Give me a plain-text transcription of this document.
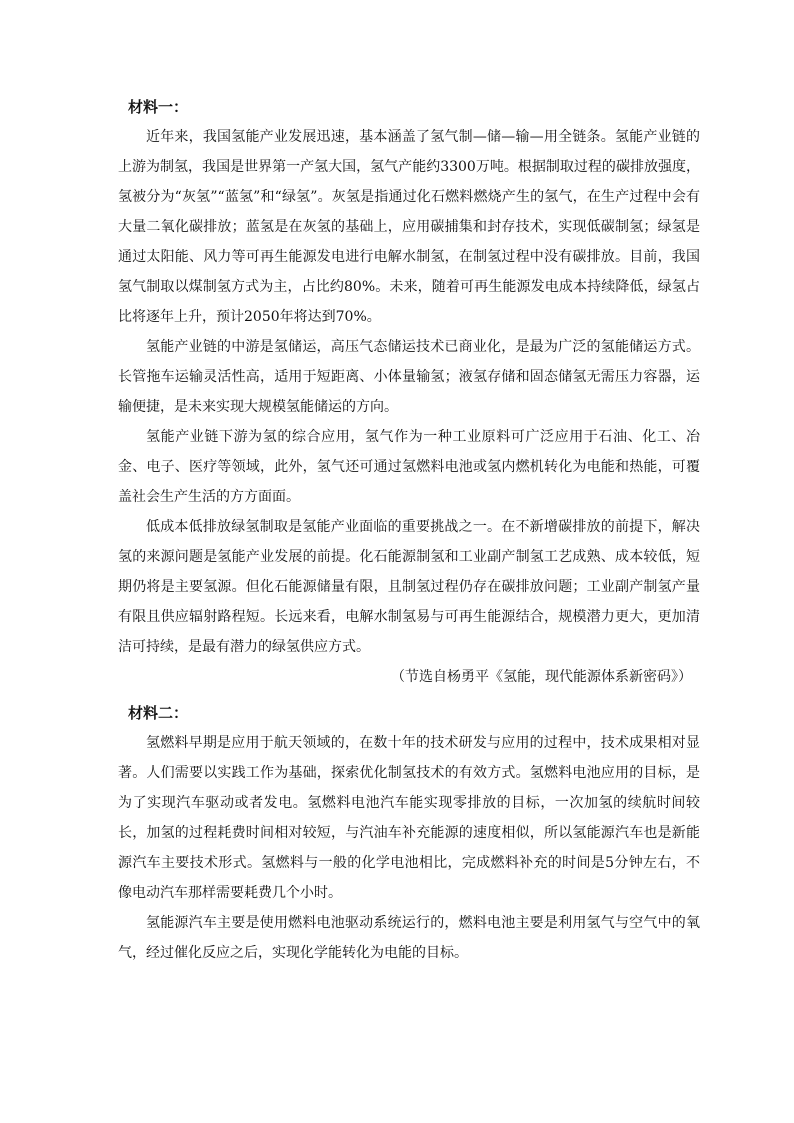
材料一：

近年来，我国氢能产业发展迅速，基本涵盖了氢气制—储—输—用全链条。氢能产业链的上游为制氢，我国是世界第一产氢大国，氢气产能约3300万吨。根据制取过程的碳排放强度，氢被分为“灰氢”“蓝氢”和“绿氢”。灰氢是指通过化石燃料燃烧产生的氢气，在生产过程中会有大量二氧化碳排放；蓝氢是在灰氢的基础上，应用碳捕集和封存技术，实现低碳制氢；绿氢是通过太阳能、风力等可再生能源发电进行电解水制氢，在制氢过程中没有碳排放。目前，我国氢气制取以煤制氢方式为主，占比约80%。未来，随着可再生能源发电成本持续降低，绿氢占比将逐年上升，预计2050年将达到70%。

氢能产业链的中游是氢储运，高压气态储运技术已商业化，是最为广泛的氢能储运方式。长管拖车运输灵活性高，适用于短距离、小体量输氢；液氢存储和固态储氢无需压力容器，运输便捷，是未来实现大规模氢能储运的方向。

氢能产业链下游为氢的综合应用，氢气作为一种工业原料可广泛应用于石油、化工、冶金、电子、医疗等领域，此外，氢气还可通过氢燃料电池或氢内燃机转化为电能和热能，可覆盖社会生产生活的方方面面。

低成本低排放绿氢制取是氢能产业面临的重要挑战之一。在不新增碳排放的前提下，解决氢的来源问题是氢能产业发展的前提。化石能源制氢和工业副产制氢工艺成熟、成本较低，短期仍将是主要氢源。但化石能源储量有限，且制氢过程仍存在碳排放问题；工业副产制氢产量有限且供应辐射路程短。长远来看，电解水制氢易与可再生能源结合，规模潜力更大，更加清洁可持续，是最有潜力的绿氢供应方式。

（节选自杨勇平《氢能，现代能源体系新密码》）

材料二：

氢燃料早期是应用于航天领域的，在数十年的技术研发与应用的过程中，技术成果相对显著。人们需要以实践工作为基础，探索优化制氢技术的有效方式。氢燃料电池应用的目标，是为了实现汽车驱动或者发电。氢燃料电池汽车能实现零排放的目标，一次加氢的续航时间较长，加氢的过程耗费时间相对较短，与汽油车补充能源的速度相似，所以氢能源汽车也是新能源汽车主要技术形式。氢燃料与一般的化学电池相比，完成燃料补充的时间是5分钟左右，不像电动汽车那样需要耗费几个小时。

氢能源汽车主要是使用燃料电池驱动系统运行的，燃料电池主要是利用氢气与空气中的氧气，经过催化反应之后，实现化学能转化为电能的目标。
